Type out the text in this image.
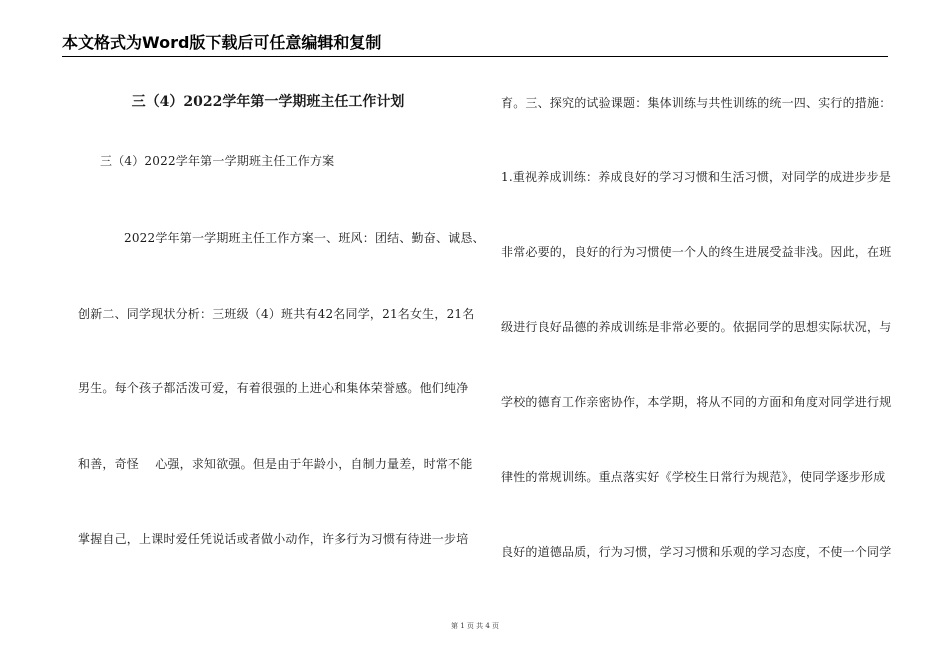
本文格式为Word版下载后可任意编辑和复制
三（4）2022学年第一学期班主任工作计划
三（4）2022学年第一学期班主任工作方案
2022学年第一学期班主任工作方案一、班风：团结、勤奋、诚恳、
创新二、同学现状分析：三班级（4）班共有42名同学，21名女生，21名
男生。每个孩子都活泼可爱，有着很强的上进心和集体荣誉感。他们纯净
和善，奇怪　 心强，求知欲强。但是由于年龄小，自制力量差，时常不能
掌握自己，上课时爱任凭说话或者做小动作，许多行为习惯有待进一步培
育。三、探究的试验课题：集体训练与共性训练的统一四、实行的措施：
1.重视养成训练：养成良好的学习习惯和生活习惯，对同学的成进步步是
非常必要的，良好的行为习惯使一个人的终生进展受益非浅。因此，在班
级进行良好品德的养成训练是非常必要的。依据同学的思想实际状况，与
学校的德育工作亲密协作，本学期，将从不同的方面和角度对同学进行规
律性的常规训练。重点落实好《学校生日常行为规范》，使同学逐步形成
良好的道德品质，行为习惯，学习习惯和乐观的学习态度，不使一个同学
第 1 页 共 4 页
